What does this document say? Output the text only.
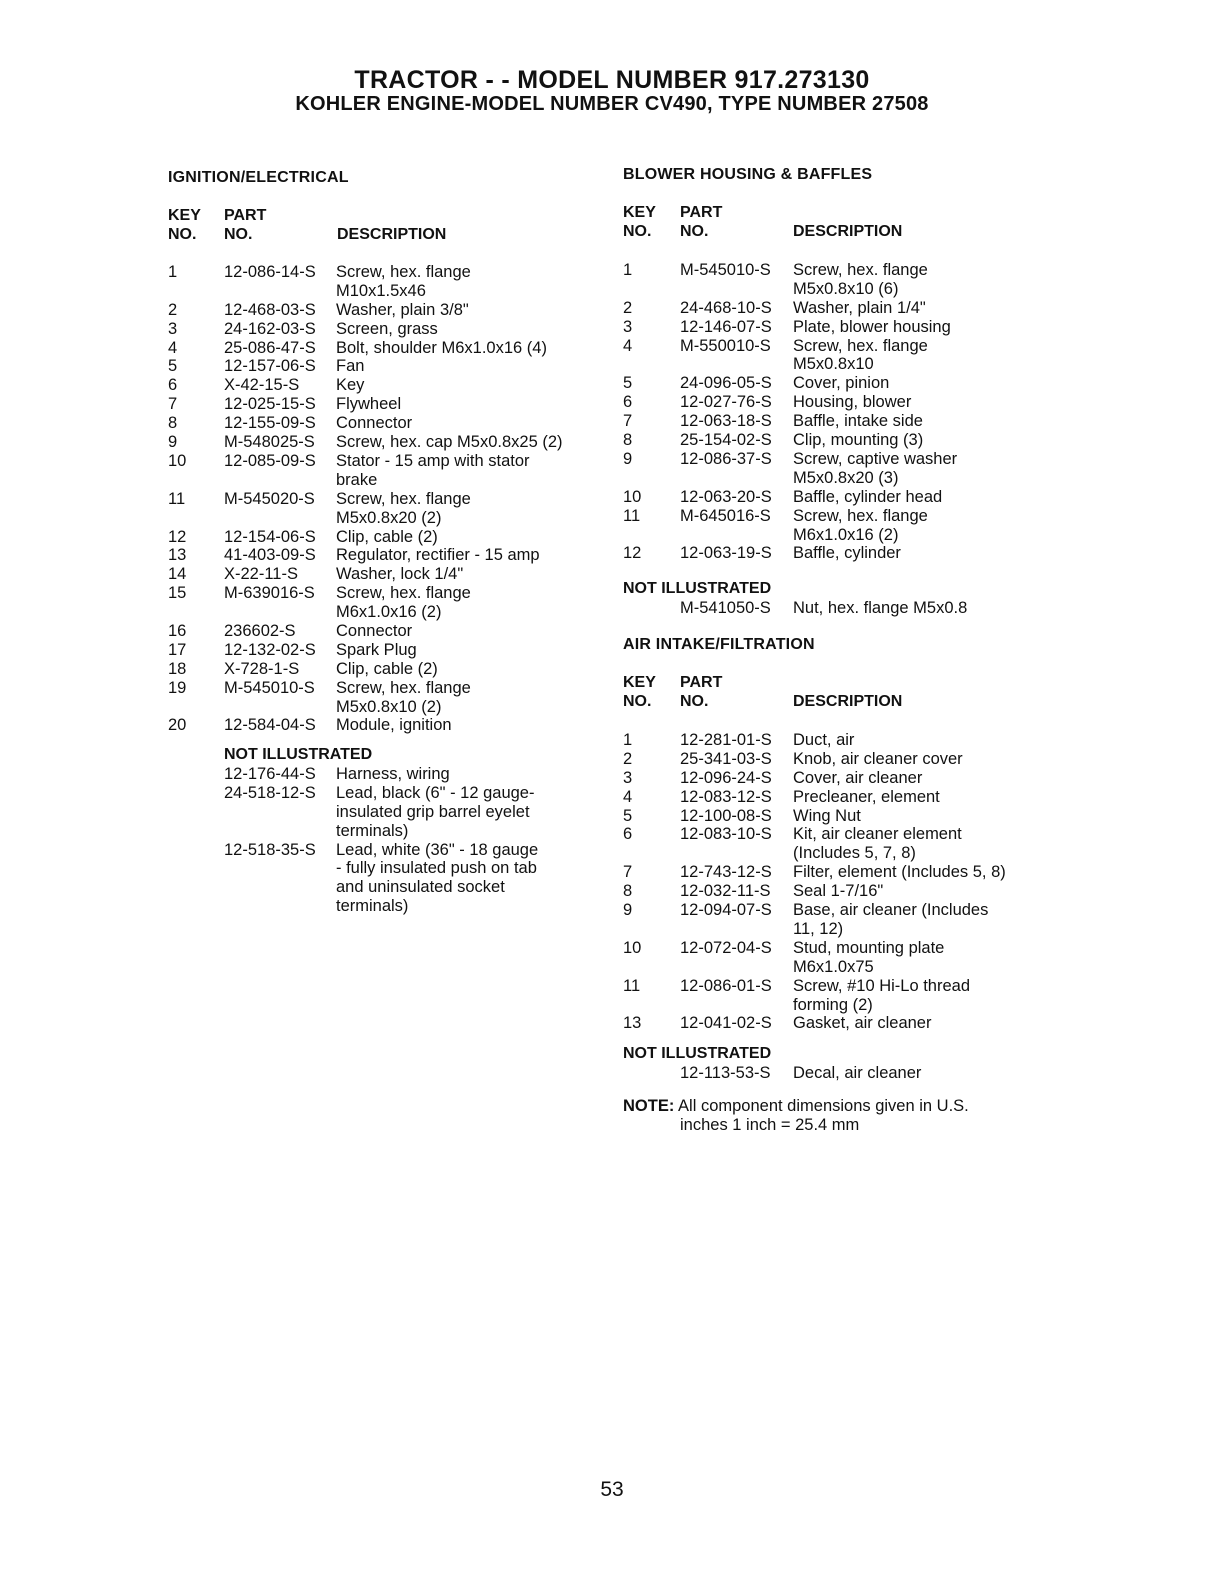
TRACTOR - - MODEL NUMBER 917.273130
KOHLER ENGINE-MODEL NUMBER CV490, TYPE NUMBER 27508
IGNITION/ELECTRICAL
KEY
NO.
PART
NO.	DESCRIPTION
1	12-086-14-S Screw, hex. flange
M10x1.5x46
2	12-468-03-S Washer, plain 3/8"
3	24-162-03-S Screen, grass
4	25-086-47-S Bolt, shoulder M6x1.0x16 (4)
5	12-157-06-S Fan
6	X-42-15-S Key
7	12-025-15-S Flywheel
8	12-155-09-S Connector
9	M-548025-S Screw, hex. cap M5x0.8x25 (2)
10 12-085-09-S Stator - 15 amp with stator
brake
11 M-545020-S Screw, hex. flange
M5x0.8x20 (2)
12 12-154-06-S Clip, cable (2)
13 41-403-09-S Regulator, rectifier - 15 amp
14 X-22-11-S Washer, lock 1/4"
15 M-639016-S Screw, hex. flange
M6x1.0x16 (2)
16 236602-S Connector
17 12-132-02-S Spark Plug
18 X-728-1-S Clip, cable (2)
19 M-545010-S Screw, hex. flange
M5x0.8x10 (2)
20 12-584-04-S Module, ignition
NOT ILLUSTRATED
12-176-44-S Harness, wiring
24-518-12-S Lead, black (6" - 12 gauge-
insulated grip barrel eyelet
terminals)
12-518-35-S Lead, white (36" - 18 gauge
- fully insulated push on tab
and uninsulated socket
terminals)
BLOWER HOUSING & BAFFLES
KEY
NO.
PART
NO.	DESCRIPTION
1	M-545010-S Screw, hex. flange
M5x0.8x10 (6)
2	24-468-10-S Washer, plain 1/4"
3	12-146-07-S Plate, blower housing
4	M-550010-S Screw, hex. flange
M5x0.8x10
5	24-096-05-S Cover, pinion
6	12-027-76-S Housing, blower
7	12-063-18-S Baffle, intake side
8	25-154-02-S Clip, mounting (3)
9	12-086-37-S Screw, captive washer
M5x0.8x20 (3)
10 12-063-20-S Baffle, cylinder head
11 M-645016-S Screw, hex. flange
M6x1.0x16 (2)
12 12-063-19-S Baffle, cylinder
NOT ILLUSTRATED
M-541050-S Nut, hex. flange M5x0.8
AIR INTAKE/FILTRATION
KEY
NO.
PART
NO.	DESCRIPTION
1	12-281-01-S Duct, air
2	25-341-03-S Knob, air cleaner cover
3	12-096-24-S Cover, air cleaner
4	12-083-12-S Precleaner, element
5	12-100-08-S Wing Nut
6	12-083-10-S Kit, air cleaner element
(Includes 5, 7, 8)
7	12-743-12-S Filter, element (Includes 5, 8)
8	12-032-11-S Seal 1-7/16"
9	12-094-07-S Base, air cleaner (Includes
11, 12)
10 12-072-04-S Stud, mounting plate
M6x1.0x75
11 12-086-01-S Screw, #10 Hi-Lo thread
forming (2)
13 12-041-02-S Gasket, air cleaner
NOT ILLUSTRATED
12-113-53-S Decal, air cleaner
NOTE: All component dimensions given in U.S.
inches 1 inch = 25.4 mm
53
